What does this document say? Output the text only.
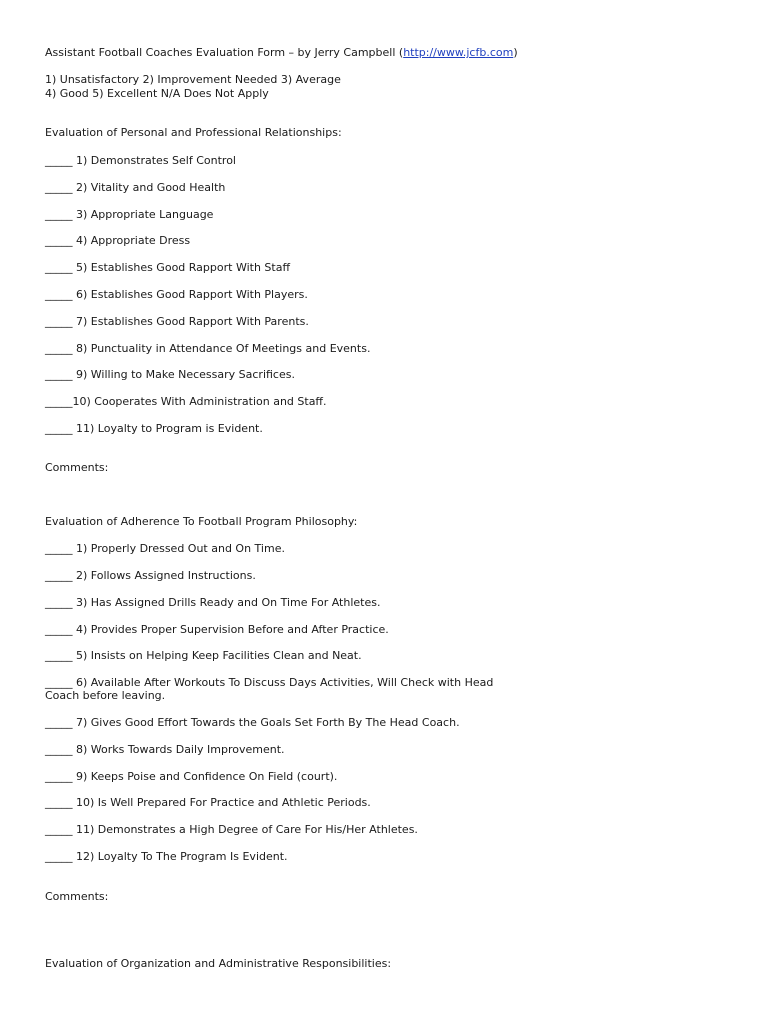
Assistant Football Coaches Evaluation Form – by Jerry Campbell (http://www.jcfb.com)
1) Unsatisfactory 2) Improvement Needed 3) Average
4) Good 5) Excellent N/A Does Not Apply
Evaluation of Personal and Professional Relationships:
_____ 1) Demonstrates Self Control
_____ 2) Vitality and Good Health
_____ 3) Appropriate Language
_____ 4) Appropriate Dress
_____ 5) Establishes Good Rapport With Staff
_____ 6) Establishes Good Rapport With Players.
_____ 7) Establishes Good Rapport With Parents.
_____ 8) Punctuality in Attendance Of Meetings and Events.
_____ 9) Willing to Make Necessary Sacrifices.
_____10) Cooperates With Administration and Staff.
_____ 11) Loyalty to Program is Evident.
Comments:
Evaluation of Adherence To Football Program Philosophy:
_____ 1) Properly Dressed Out and On Time.
_____ 2) Follows Assigned Instructions.
_____ 3) Has Assigned Drills Ready and On Time For Athletes.
_____ 4) Provides Proper Supervision Before and After Practice.
_____ 5) Insists on Helping Keep Facilities Clean and Neat.
_____ 6) Available After Workouts To Discuss Days Activities, Will Check with Head
Coach before leaving.
_____ 7) Gives Good Effort Towards the Goals Set Forth By The Head Coach.
_____ 8) Works Towards Daily Improvement.
_____ 9) Keeps Poise and Confidence On Field (court).
_____ 10) Is Well Prepared For Practice and Athletic Periods.
_____ 11) Demonstrates a High Degree of Care For His/Her Athletes.
_____ 12) Loyalty To The Program Is Evident.
Comments:
Evaluation of Organization and Administrative Responsibilities:
